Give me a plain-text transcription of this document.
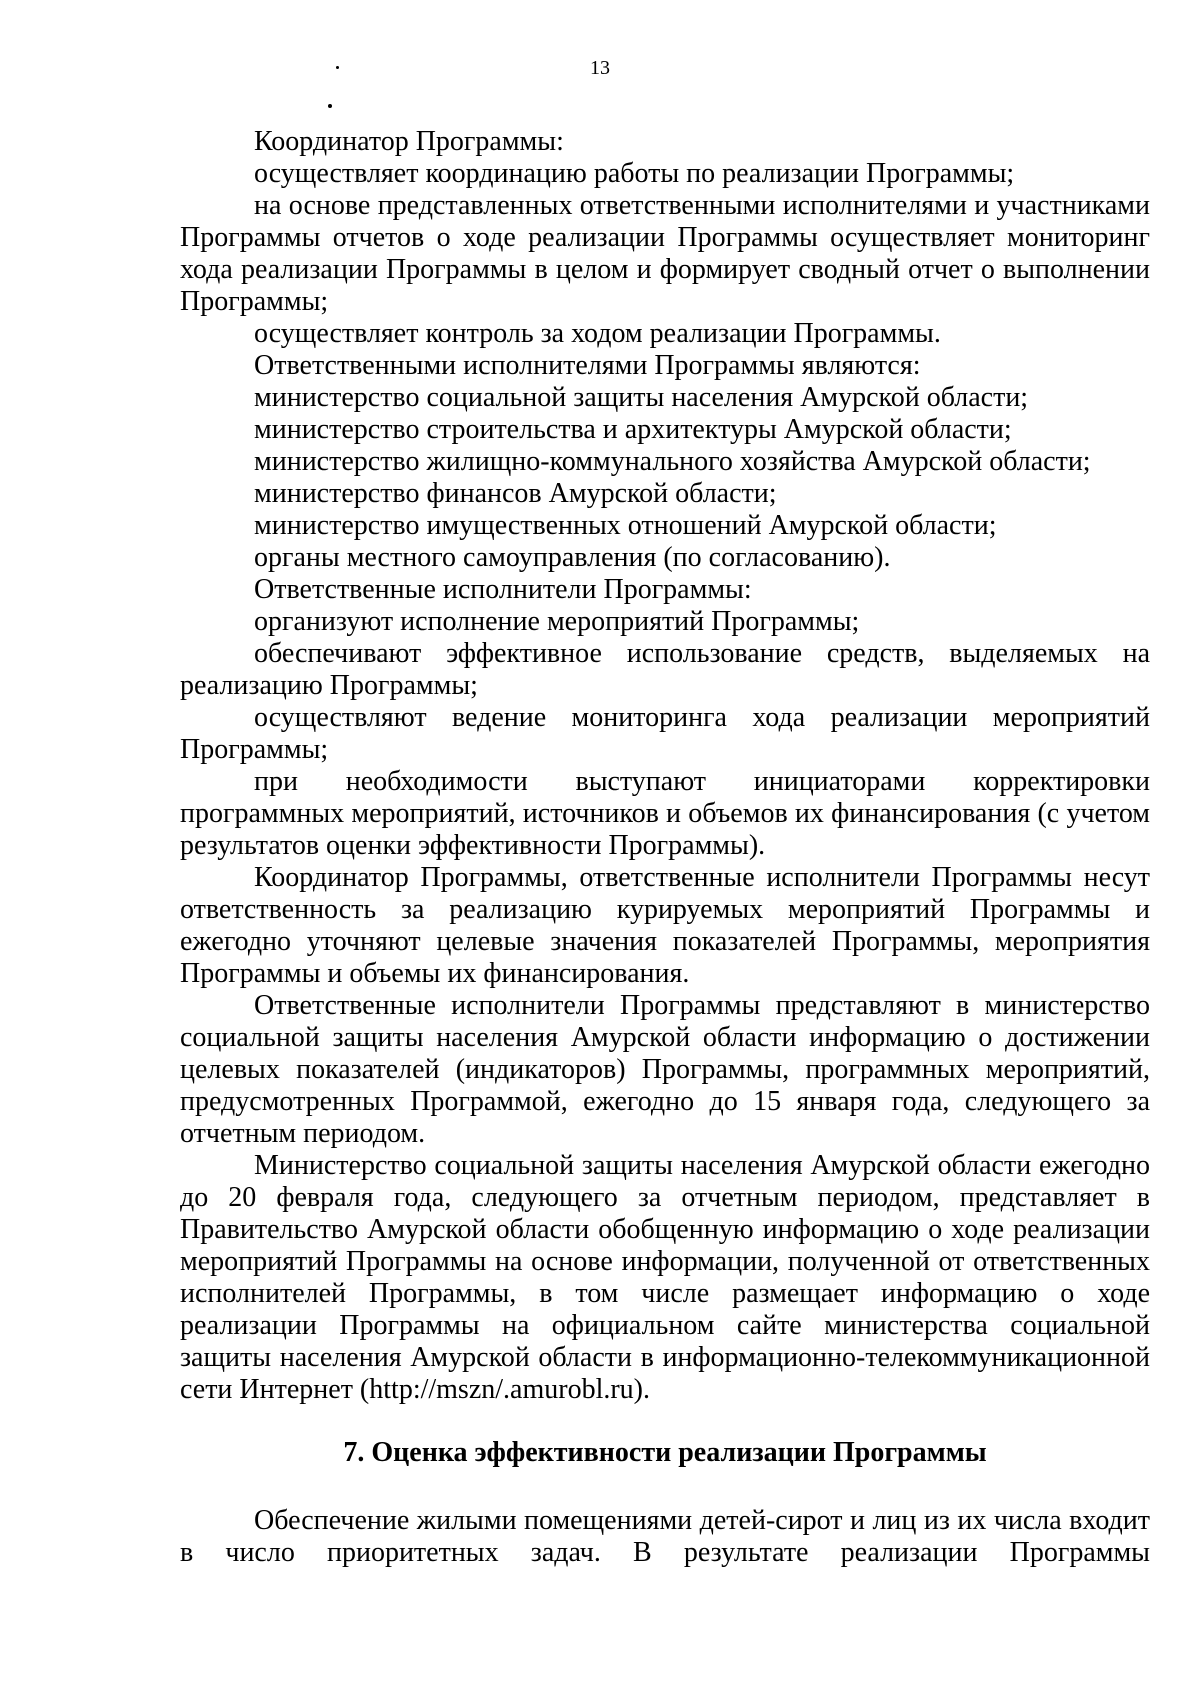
13

Координатор Программы:

осуществляет координацию работы по реализации Программы;

на основе представленных ответственными исполнителями и участниками Программы отчетов о ходе реализации Программы осуществляет мониторинг хода реализации Программы в целом и формирует сводный отчет о выполнении Программы;

осуществляет контроль за ходом реализации Программы.

Ответственными исполнителями Программы являются:

министерство социальной защиты населения Амурской области;

министерство строительства и архитектуры Амурской области;

министерство жилищно-коммунального хозяйства Амурской области;

министерство финансов Амурской области;

министерство имущественных отношений Амурской области;

органы местного самоуправления (по согласованию).

Ответственные исполнители Программы:

организуют исполнение мероприятий Программы;

обеспечивают эффективное использование средств, выделяемых на реализацию Программы;

осуществляют ведение мониторинга хода реализации мероприятий Программы;

при необходимости выступают инициаторами корректировки программных мероприятий, источников и объемов их финансирования (с учетом результатов оценки эффективности Программы).

Координатор Программы, ответственные исполнители Программы несут ответственность за реализацию курируемых мероприятий Программы и ежегодно уточняют целевые значения показателей Программы, мероприятия Программы и объемы их финансирования.

Ответственные исполнители Программы представляют в министерство социальной защиты населения Амурской области информацию о достижении целевых показателей (индикаторов) Программы, программных мероприятий, предусмотренных Программой, ежегодно до 15 января года, следующего за отчетным периодом.

Министерство социальной защиты населения Амурской области ежегодно до 20 февраля года, следующего за отчетным периодом, представляет в Правительство Амурской области обобщенную информацию о ходе реализации мероприятий Программы на основе информации, полученной от ответственных исполнителей Программы, в том числе размещает информацию о ходе реализации Программы на официальном сайте министерства социальной защиты населения Амурской области в информационно-телекоммуникационной сети Интернет (http://mszn/.amurobl.ru).

7. Оценка эффективности реализации Программы

Обеспечение жилыми помещениями детей-сирот и лиц из их числа входит в число приоритетных задач. В результате реализации Программы
